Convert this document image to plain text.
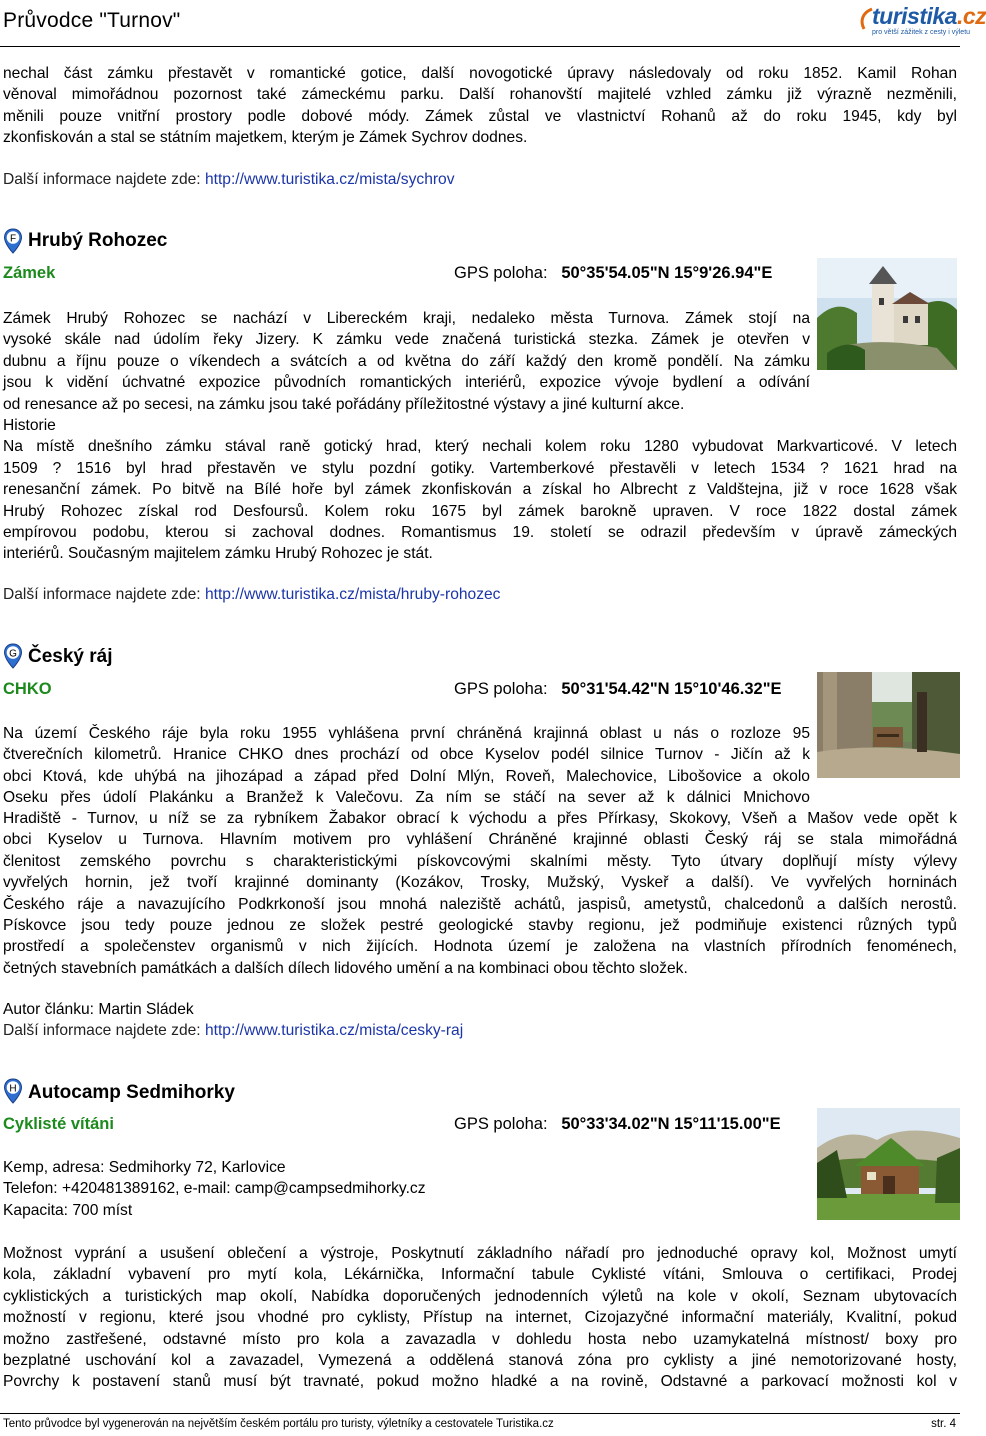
Průvodce "Turnov"	turistika.cz
pro větší zážitek z cesty i výletu
nechal část zámku přestavět v romantické gotice, další novogotické úpravy následovaly od roku 1852. Kamil Rohan
věnoval mimořádnou pozornost také zámeckému parku. Další rohanovští majitelé vzhled zámku již výrazně nezměnili,
měnili pouze vnitřní prostory podle dobové módy. Zámek zůstal ve vlastnictví Rohanů až do roku 1945, kdy byl
zkonfiskován a stal se státním majetkem, kterým je Zámek Sychrov dodnes.
Další informace najdete zde: http://www.turistika.cz/mista/sychrov
F Hrubý Rohozec
Zámek	GPS poloha: 50°35'54.05"N 15°9'26.94"E
Zámek Hrubý Rohozec se nachází v Libereckém kraji, nedaleko města Turnova. Zámek stojí na
vysoké skále nad údolím řeky Jizery. K zámku vede značená turistická stezka. Zámek je otevřen v
dubnu a říjnu pouze o víkendech a svátcích a od května do září každý den kromě pondělí. Na zámku
jsou k vidění úchvatné expozice původních romantických interiérů, expozice vývoje bydlení a odívání
od renesance až po secesi, na zámku jsou také pořádány příležitostné výstavy a jiné kulturní akce.
Historie
Na místě dnešního zámku stával raně gotický hrad, který nechali kolem roku 1280 vybudovat Markvarticové. V letech
1509 ? 1516 byl hrad přestavěn ve stylu pozdní gotiky. Vartemberkové přestavěli v letech 1534 ? 1621 hrad na
renesanční zámek. Po bitvě na Bílé hoře byl zámek zkonfiskován a získal ho Albrecht z Valdštejna, již v roce 1628 však
Hrubý Rohozec získal rod Desfoursů. Kolem roku 1675 byl zámek barokně upraven. V roce 1822 dostal zámek
empírovou podobu, kterou si zachoval dodnes. Romantismus 19. století se odrazil především v úpravě zámeckých
interiérů. Současným majitelem zámku Hrubý Rohozec je stát.
Další informace najdete zde: http://www.turistika.cz/mista/hruby-rohozec
G Český ráj
CHKO	GPS poloha: 50°31'54.42"N 15°10'46.32"E
Na území Českého ráje byla roku 1955 vyhlášena první chráněná krajinná oblast u nás o rozloze 95
čtverečních kilometrů. Hranice CHKO dnes prochází od obce Kyselov podél silnice Turnov - Jičín až k
obci Ktová, kde uhýbá na jihozápad a západ před Dolní Mlýn, Roveň, Malechovice, Libošovice a okolo
Oseku přes údolí Plakánku a Branžež k Valečovu. Za ním se stáčí na sever až k dálnici Mnichovo
Hradiště - Turnov, u níž se za rybníkem Žabakor obrací k východu a přes Přírkasy, Skokovy, Všeň a Mašov vede opět k
obci Kyselov u Turnova. Hlavním motivem pro vyhlášení Chráněné krajinné oblasti Český ráj se stala mimořádná
členitost zemského povrchu s charakteristickými pískovcovými skalními městy. Tyto útvary doplňují místy výlevy
vyvřelých hornin, jež tvoří krajinné dominanty (Kozákov, Trosky, Mužský, Vyskeř a další). Ve vyvřelých horninách
Českého ráje a navazujícího Podkrkonoší jsou mnohá naleziště achátů, jaspisů, ametystů, chalcedonů a dalších nerostů.
Pískovce jsou tedy pouze jednou ze složek pestré geologické stavby regionu, jež podmiňuje existenci různých typů
prostředí a společenstev organismů v nich žijících. Hodnota území je založena na vlastních přírodních fenoménech,
četných stavebních památkách a dalších dílech lidového umění a na kombinaci obou těchto složek.
Autor článku: Martin Sládek
Další informace najdete zde: http://www.turistika.cz/mista/cesky-raj
H Autocamp Sedmihorky
Cyklisté vítáni	GPS poloha: 50°33'34.02"N 15°11'15.00"E
Kemp, adresa: Sedmihorky 72, Karlovice
Telefon: +420481389162, e-mail: camp@campsedmihorky.cz
Kapacita: 700 míst
Možnost vyprání a usušení oblečení a výstroje, Poskytnutí základního nářadí pro jednoduché opravy kol, Možnost umytí
kola, základní vybavení pro mytí kola, Lékárnička, Informační tabule Cyklisté vítáni, Smlouva o certifikaci, Prodej
cyklistických a turistických map okolí, Nabídka doporučených jednodenních výletů na kole v okolí, Seznam ubytovacích
možností v regionu, které jsou vhodné pro cyklisty, Přístup na internet, Cizojazyčné informační materiály, Kvalitní, pokud
možno zastřešené, odstavné místo pro kola a zavazadla v dohledu hosta nebo uzamykatelná místnost/ boxy pro
bezplatné uschování kol a zavazadel, Vymezená a oddělená stanová zóna pro cyklisty a jiné nemotorizované hosty,
Povrchy k postavení stanů musí být travnaté, pokud možno hladké a na rovině, Odstavné a parkovací možnosti kol v
Tento průvodce byl vygenerován na největším českém portálu pro turisty, výletníky a cestovatele Turistika.cz	str. 4
